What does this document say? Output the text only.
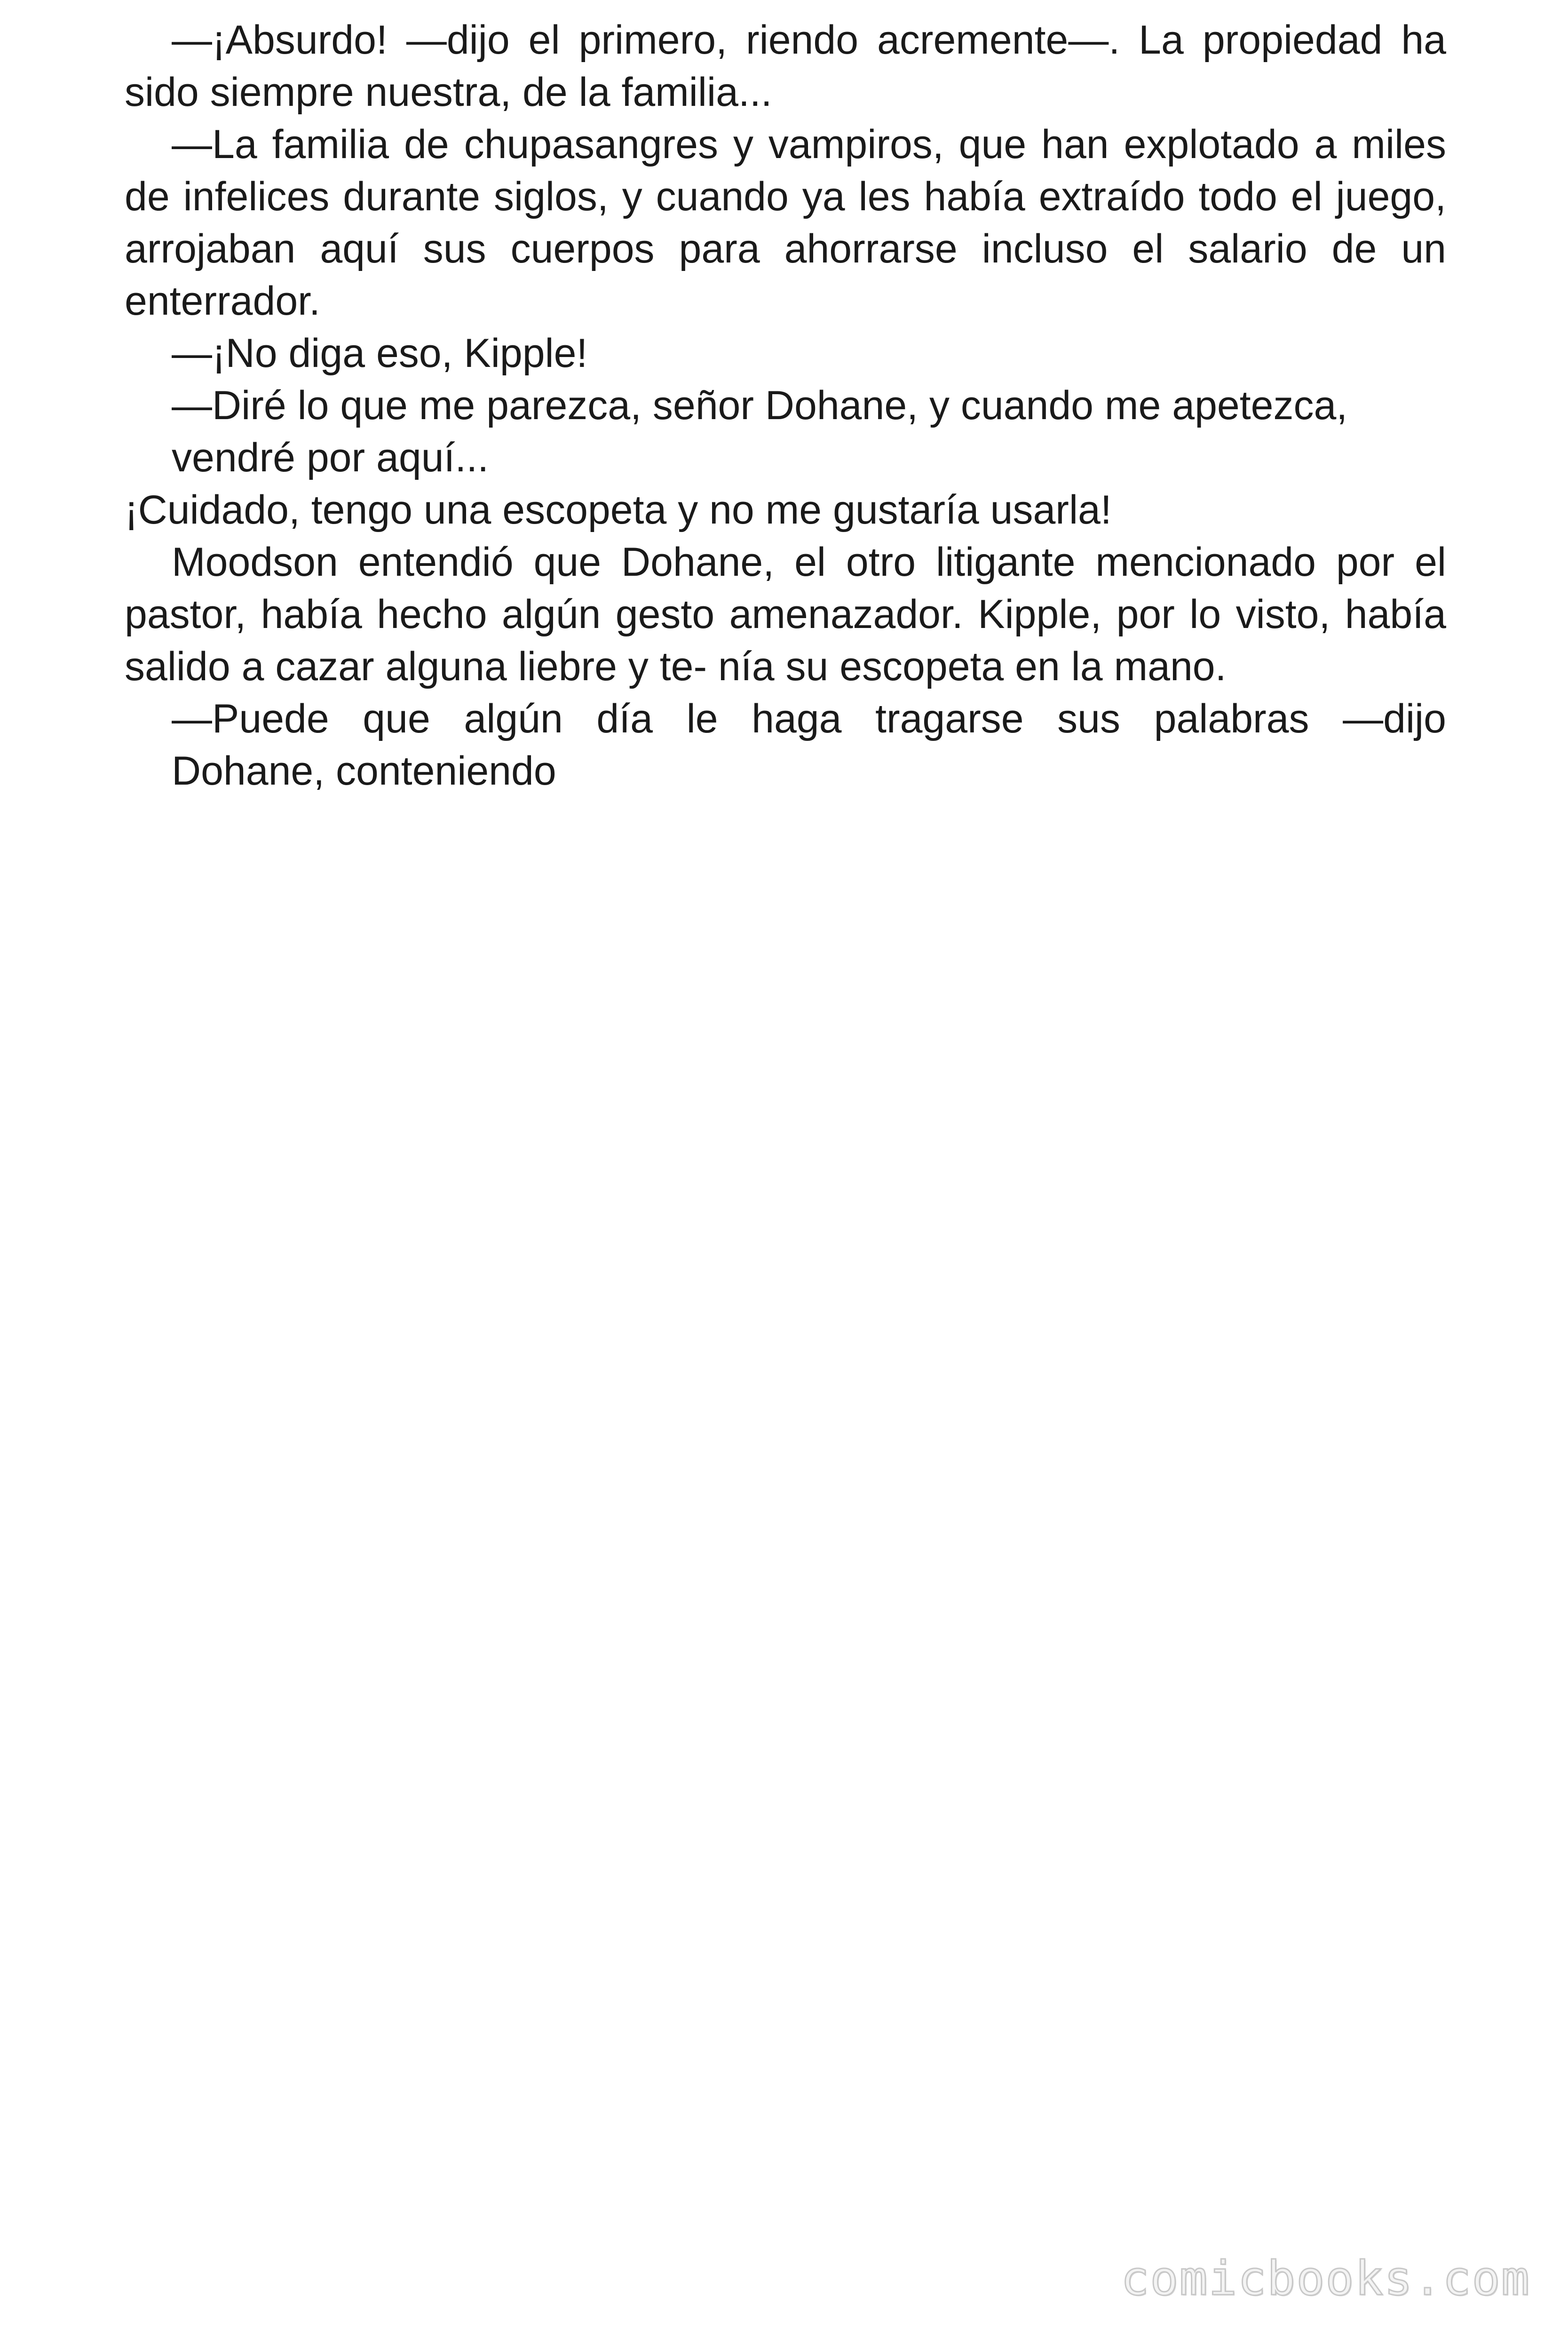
—¡Absurdo! —dijo el primero, riendo acremente—. La propiedad ha sido siempre nuestra, de la familia...

—La familia de chupasangres y vampiros, que han explotado a miles de infelices durante siglos, y cuando ya les había extraído todo el juego, arrojaban aquí sus cuerpos para ahorrarse incluso el salario de un enterrador.

—¡No diga eso, Kipple!

—Diré lo que me parezca, señor Dohane, y cuando me apetezca,

vendré por aquí...

¡Cuidado, tengo una escopeta y no me gustaría usarla!

Moodson entendió que Dohane, el otro litigante mencionado por el pastor, había hecho algún gesto amenazador. Kipple, por lo visto, había salido a cazar alguna liebre y te- nía su escopeta en la mano.

—Puede que algún día le haga tragarse sus palabras —dijo

Dohane, conteniendo

comicbooks.com
